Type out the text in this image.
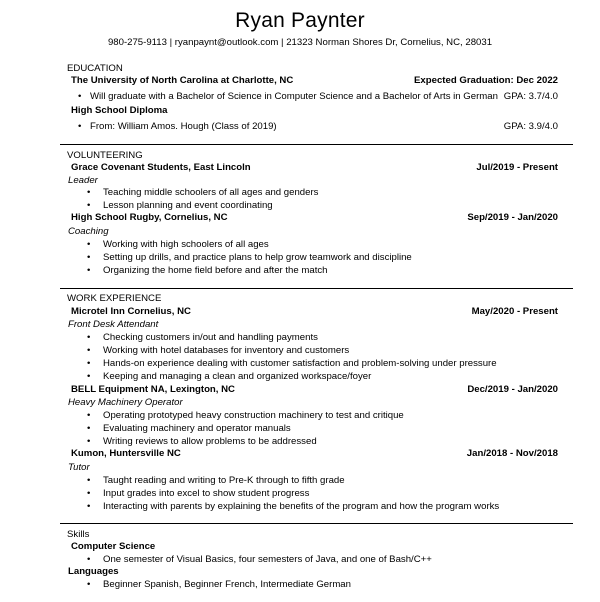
Ryan Paynter
980-275-9113 | ryanpaynt@outlook.com | 21323 Norman Shores Dr, Cornelius, NC, 28031
EDUCATION
The University of North Carolina at Charlotte, NC	Expected Graduation: Dec 2022
• Will graduate with a Bachelor of Science in Computer Science and a Bachelor of Arts in German GPA: 3.7/4.0
High School Diploma
• From: William Amos. Hough (Class of 2019)	GPA: 3.9/4.0
VOLUNTEERING
Grace Covenant Students, East Lincoln	Jul/2019 - Present
Leader
• Teaching middle schoolers of all ages and genders
• Lesson planning and event coordinating
High School Rugby, Cornelius, NC	Sep/2019 - Jan/2020
Coaching
• Working with high schoolers of all ages
• Setting up drills, and practice plans to help grow teamwork and discipline
• Organizing the home field before and after the match
WORK EXPERIENCE
Microtel Inn Cornelius, NC	May/2020 - Present
Front Desk Attendant
• Checking customers in/out and handling payments
• Working with hotel databases for inventory and customers
• Hands-on experience dealing with customer satisfaction and problem-solving under pressure
• Keeping and managing a clean and organized workspace/foyer
BELL Equipment NA, Lexington, NC	Dec/2019 - Jan/2020
Heavy Machinery Operator
• Operating prototyped heavy construction machinery to test and critique
• Evaluating machinery and operator manuals
• Writing reviews to allow problems to be addressed
Kumon, Huntersville NC	Jan/2018 - Nov/2018
Tutor
• Taught reading and writing to Pre-K through to fifth grade
• Input grades into excel to show student progress
• Interacting with parents by explaining the benefits of the program and how the program works
Skills
Computer Science
• One semester of Visual Basics, four semesters of Java, and one of Bash/C++
Languages
• Beginner Spanish, Beginner French, Intermediate German
